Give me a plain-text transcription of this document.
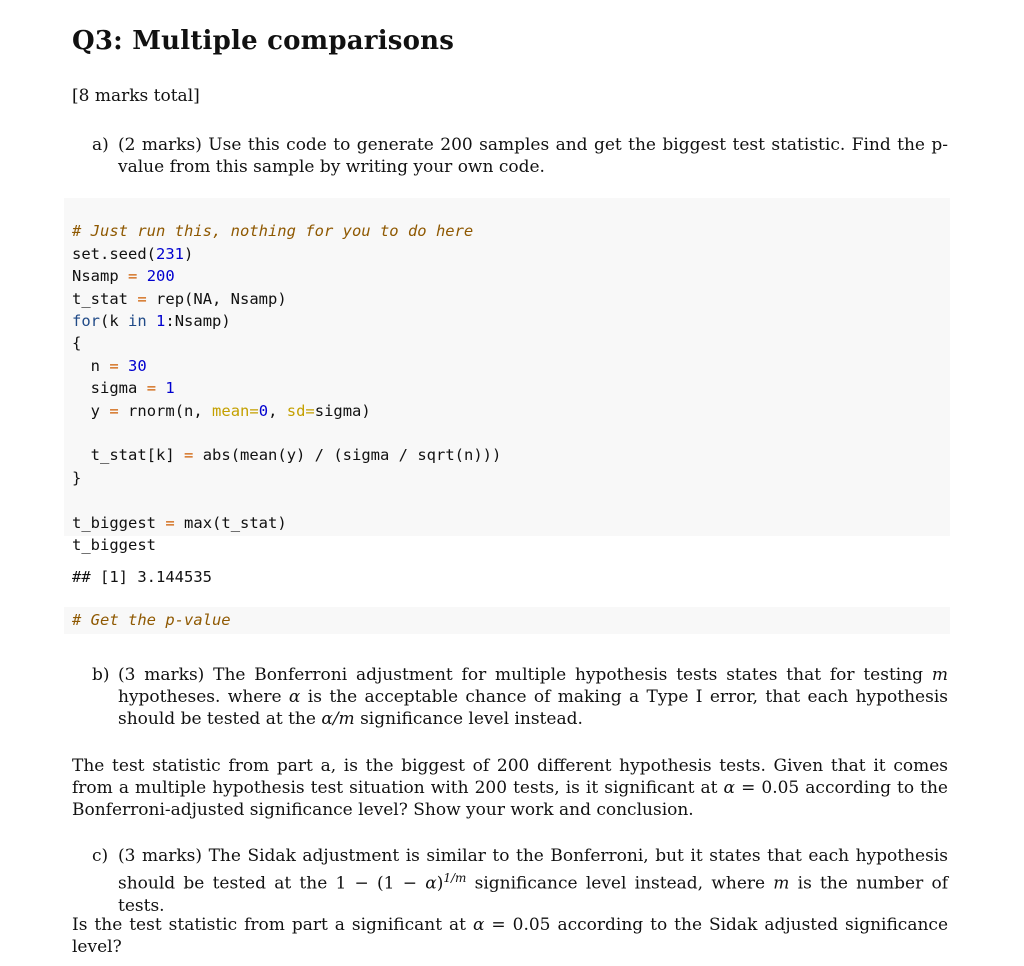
Q3: Multiple comparisons
[8 marks total]
a) (2 marks) Use this code to generate 200 samples and get the biggest test statistic. Find the p-value from this sample by writing your own code.
# Just run this, nothing for you to do here
set.seed(231)
Nsamp = 200
t_stat = rep(NA, Nsamp)
for(k in 1:Nsamp)
{
n = 30
sigma = 1
y = rnorm(n, mean=0, sd=sigma)

t_stat[k] = abs(mean(y) / (sigma / sqrt(n)))
}

t_biggest = max(t_stat)
t_biggest
## [1] 3.144535
# Get the p-value
b) (3 marks) The Bonferroni adjustment for multiple hypothesis tests states that for testing m hypotheses. where α is the acceptable chance of making a Type I error, that each hypothesis should be tested at the α/m significance level instead.
The test statistic from part a, is the biggest of 200 different hypothesis tests. Given that it comes from a multiple hypothesis test situation with 200 tests, is it significant at α = 0.05 according to the Bonferroni-adjusted significance level? Show your work and conclusion.
c) (3 marks) The Sidak adjustment is similar to the Bonferroni, but it states that each hypothesis should be tested at the $1 - (1 - \alpha)^{1/m}$ significance level instead, where m is the number of tests.
Is the test statistic from part a significant at α = 0.05 according to the Sidak adjusted significance level?
